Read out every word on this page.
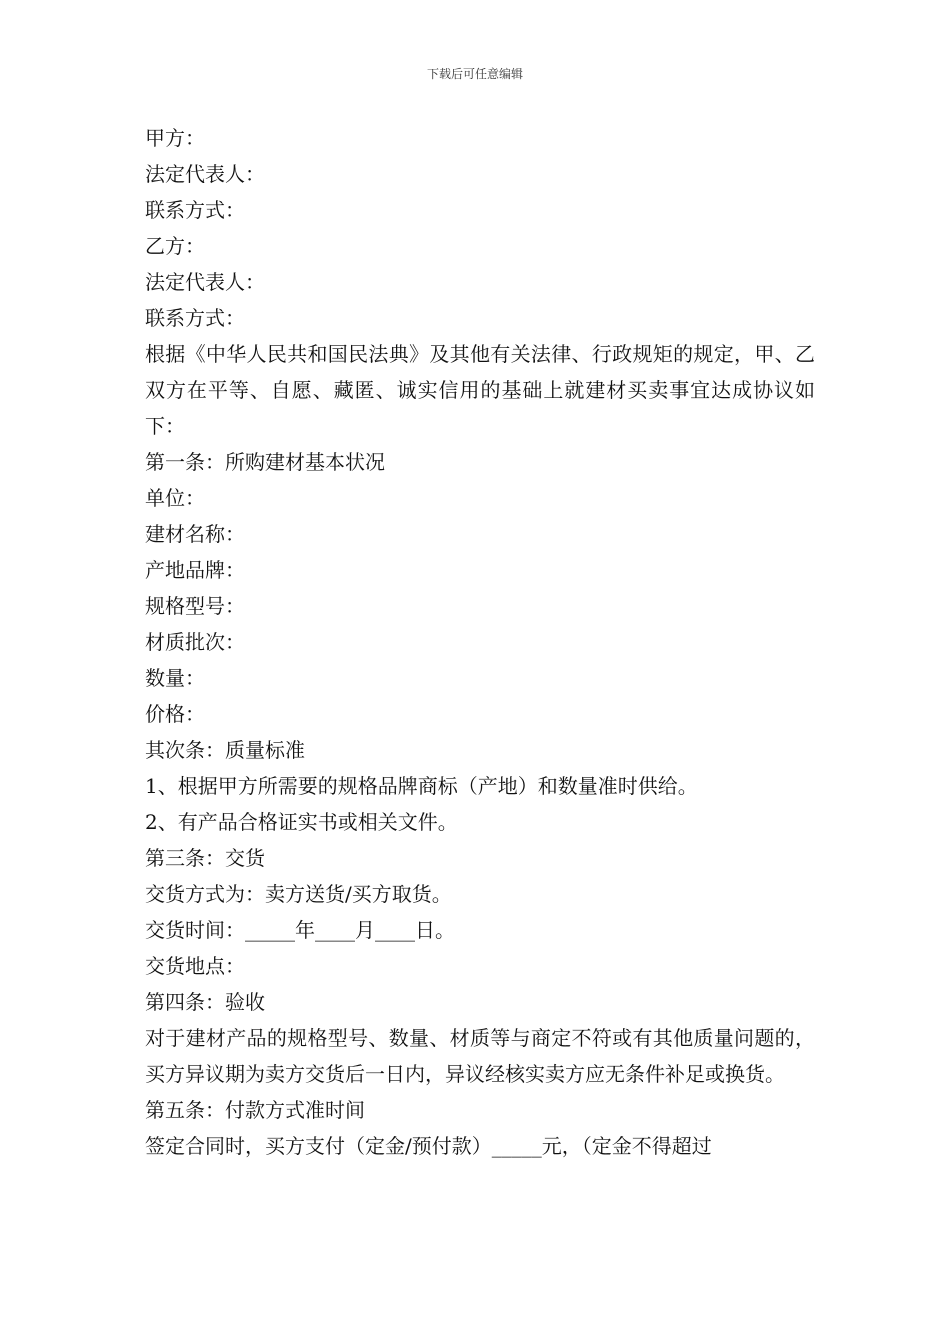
下载后可任意编辑

甲方：

法定代表人：

联系方式：

乙方：

法定代表人：

联系方式：

根据《中华人民共和国民法典》及其他有关法律、行政规矩的规定，甲、乙双方在平等、自愿、藏匿、诚实信用的基础上就建材买卖事宜达成协议如下：

第一条：所购建材基本状况

单位：

建材名称：

产地品牌：

规格型号：

材质批次：

数量：

价格：

其次条：质量标准

1、根据甲方所需要的规格品牌商标（产地）和数量准时供给。

2、有产品合格证实书或相关文件。

第三条：交货

交货方式为：卖方送货/买方取货。

交货时间：_____年____月____日。

交货地点：

第四条：验收

对于建材产品的规格型号、数量、材质等与商定不符或有其他质量问题的，买方异议期为卖方交货后一日内，异议经核实卖方应无条件补足或换货。

第五条：付款方式准时间

签定合同时，买方支付（定金/预付款）_____元，（定金不得超过
